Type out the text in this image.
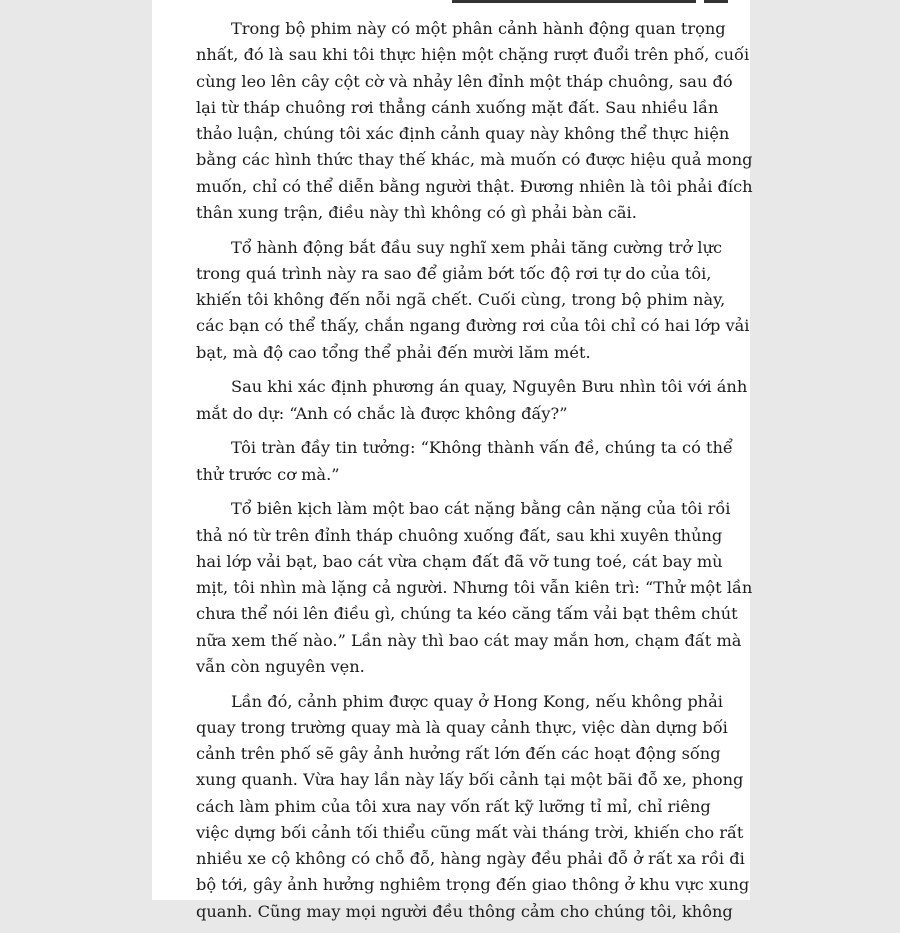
Trong bộ phim này có một phân cảnh hành động quan trọng
nhất, đó là sau khi tôi thực hiện một chặng rượt đuổi trên phố, cuối
cùng leo lên cây cột cờ và nhảy lên đỉnh một tháp chuông, sau đó
lại từ tháp chuông rơi thẳng cánh xuống mặt đất. Sau nhiều lần
thảo luận, chúng tôi xác định cảnh quay này không thể thực hiện
bằng các hình thức thay thế khác, mà muốn có được hiệu quả mong
muốn, chỉ có thể diễn bằng người thật. Đương nhiên là tôi phải đích
thân xung trận, điều này thì không có gì phải bàn cãi.
Tổ hành động bắt đầu suy nghĩ xem phải tăng cường trở lực
trong quá trình này ra sao để giảm bớt tốc độ rơi tự do của tôi,
khiến tôi không đến nỗi ngã chết. Cuối cùng, trong bộ phim này,
các bạn có thể thấy, chắn ngang đường rơi của tôi chỉ có hai lớp vải
bạt, mà độ cao tổng thể phải đến mười lăm mét.
Sau khi xác định phương án quay, Nguyên Bưu nhìn tôi với ánh
mắt do dự: “Anh có chắc là được không đấy?”
Tôi tràn đầy tin tưởng: “Không thành vấn đề, chúng ta có thể
thử trước cơ mà.”
Tổ biên kịch làm một bao cát nặng bằng cân nặng của tôi rồi
thả nó từ trên đỉnh tháp chuông xuống đất, sau khi xuyên thủng
hai lớp vải bạt, bao cát vừa chạm đất đã vỡ tung toé, cát bay mù
mịt, tôi nhìn mà lặng cả người. Nhưng tôi vẫn kiên trì: “Thử một lần
chưa thể nói lên điều gì, chúng ta kéo căng tấm vải bạt thêm chút
nữa xem thế nào.” Lần này thì bao cát may mắn hơn, chạm đất mà
vẫn còn nguyên vẹn.
Lần đó, cảnh phim được quay ở Hong Kong, nếu không phải
quay trong trường quay mà là quay cảnh thực, việc dàn dựng bối
cảnh trên phố sẽ gây ảnh hưởng rất lớn đến các hoạt động sống
xung quanh. Vừa hay lần này lấy bối cảnh tại một bãi đỗ xe, phong
cách làm phim của tôi xưa nay vốn rất kỹ lưỡng tỉ mỉ, chỉ riêng
việc dựng bối cảnh tối thiểu cũng mất vài tháng trời, khiến cho rất
nhiều xe cộ không có chỗ đỗ, hàng ngày đều phải đỗ ở rất xa rồi đi
bộ tới, gây ảnh hưởng nghiêm trọng đến giao thông ở khu vực xung
quanh. Cũng may mọi người đều thông cảm cho chúng tôi, không
